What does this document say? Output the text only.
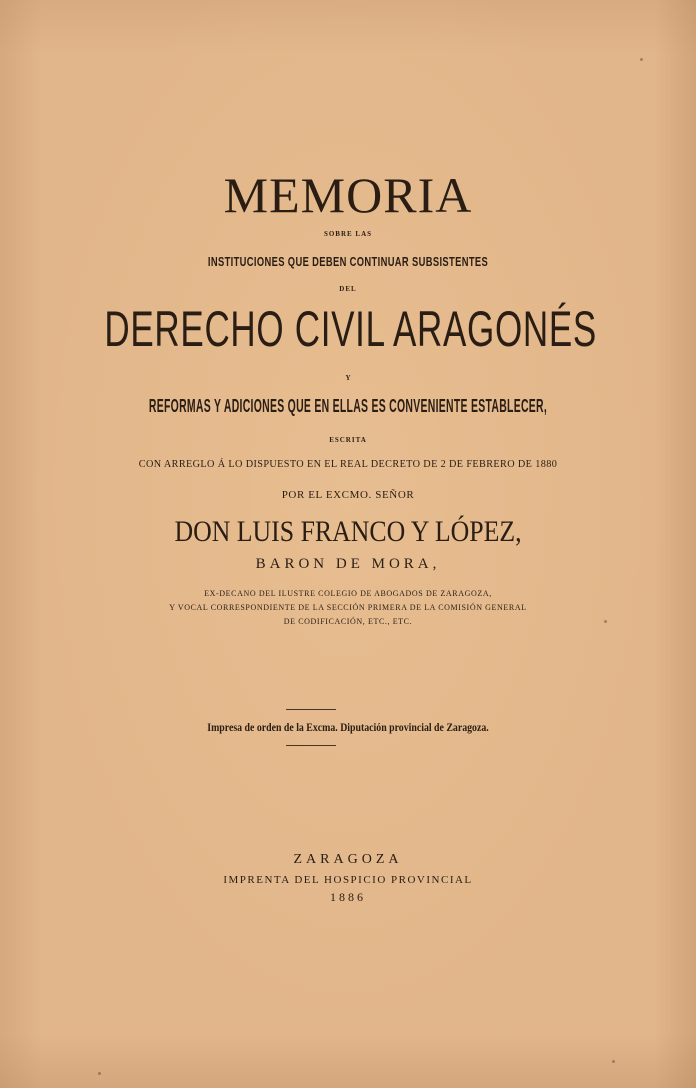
MEMORIA
SOBRE LAS
INSTITUCIONES QUE DEBEN CONTINUAR SUBSISTENTES
DEL
DERECHO CIVIL ARAGONÉS
Y
REFORMAS Y ADICIONES QUE EN ELLAS ES CONVENIENTE ESTABLECER,
ESCRITA
CON ARREGLO Á LO DISPUESTO EN EL REAL DECRETO DE 2 DE FEBRERO DE 1880
POR EL EXCMO. SEÑOR
DON LUIS FRANCO Y LÓPEZ,
BARON DE MORA,
EX-DECANO DEL ILUSTRE COLEGIO DE ABOGADOS DE ZARAGOZA,
Y VOCAL CORRESPONDIENTE DE LA SECCIÓN PRIMERA DE LA COMISIÓN GENERAL
DE CODIFICACIÓN, ETC., ETC.
Impresa de orden de la Excma. Diputación provincial de Zaragoza.
ZARAGOZA
IMPRENTA DEL HOSPICIO PROVINCIAL
1886
